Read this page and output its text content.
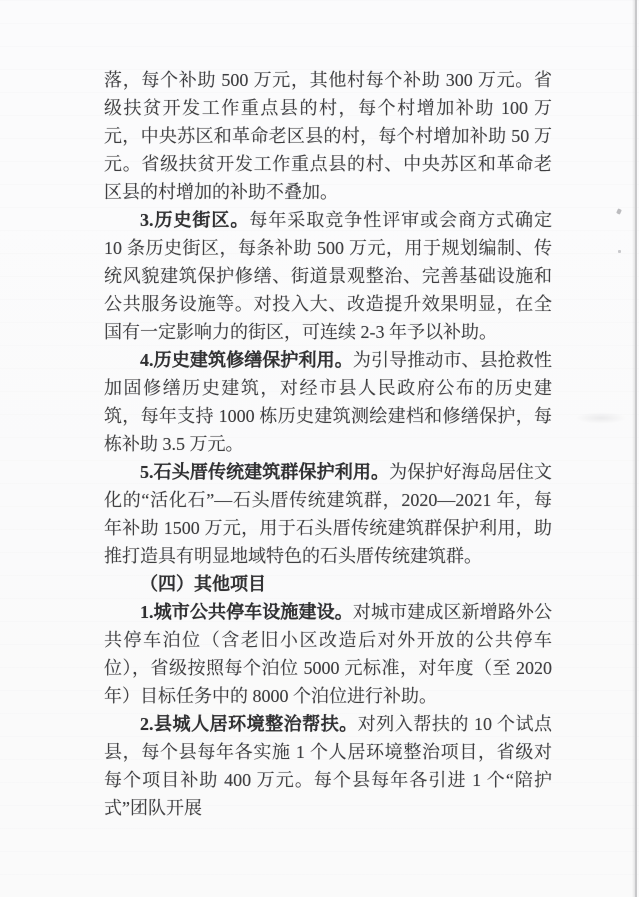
落，每个补助 500 万元，其他村每个补助 300 万元。省级扶贫开发工作重点县的村，每个村增加补助 100 万元，中央苏区和革命老区县的村，每个村增加补助 50 万元。省级扶贫开发工作重点县的村、中央苏区和革命老区县的村增加的补助不叠加。

3.历史街区。每年采取竞争性评审或会商方式确定 10 条历史街区，每条补助 500 万元，用于规划编制、传统风貌建筑保护修缮、街道景观整治、完善基础设施和公共服务设施等。对投入大、改造提升效果明显，在全国有一定影响力的街区，可连续 2-3 年予以补助。

4.历史建筑修缮保护利用。为引导推动市、县抢救性加固修缮历史建筑，对经市县人民政府公布的历史建筑，每年支持 1000 栋历史建筑测绘建档和修缮保护，每栋补助 3.5 万元。

5.石头厝传统建筑群保护利用。为保护好海岛居住文化的“活化石”—石头厝传统建筑群，2020—2021 年，每年补助 1500 万元，用于石头厝传统建筑群保护利用，助推打造具有明显地域特色的石头厝传统建筑群。

（四）其他项目

1.城市公共停车设施建设。对城市建成区新增路外公共停车泊位（含老旧小区改造后对外开放的公共停车位），省级按照每个泊位 5000 元标准，对年度（至 2020 年）目标任务中的 8000 个泊位进行补助。

2.县城人居环境整治帮扶。对列入帮扶的 10 个试点县，每个县每年各实施 1 个人居环境整治项目，省级对每个项目补助 400 万元。每个县每年各引进 1 个“陪护式”团队开展
